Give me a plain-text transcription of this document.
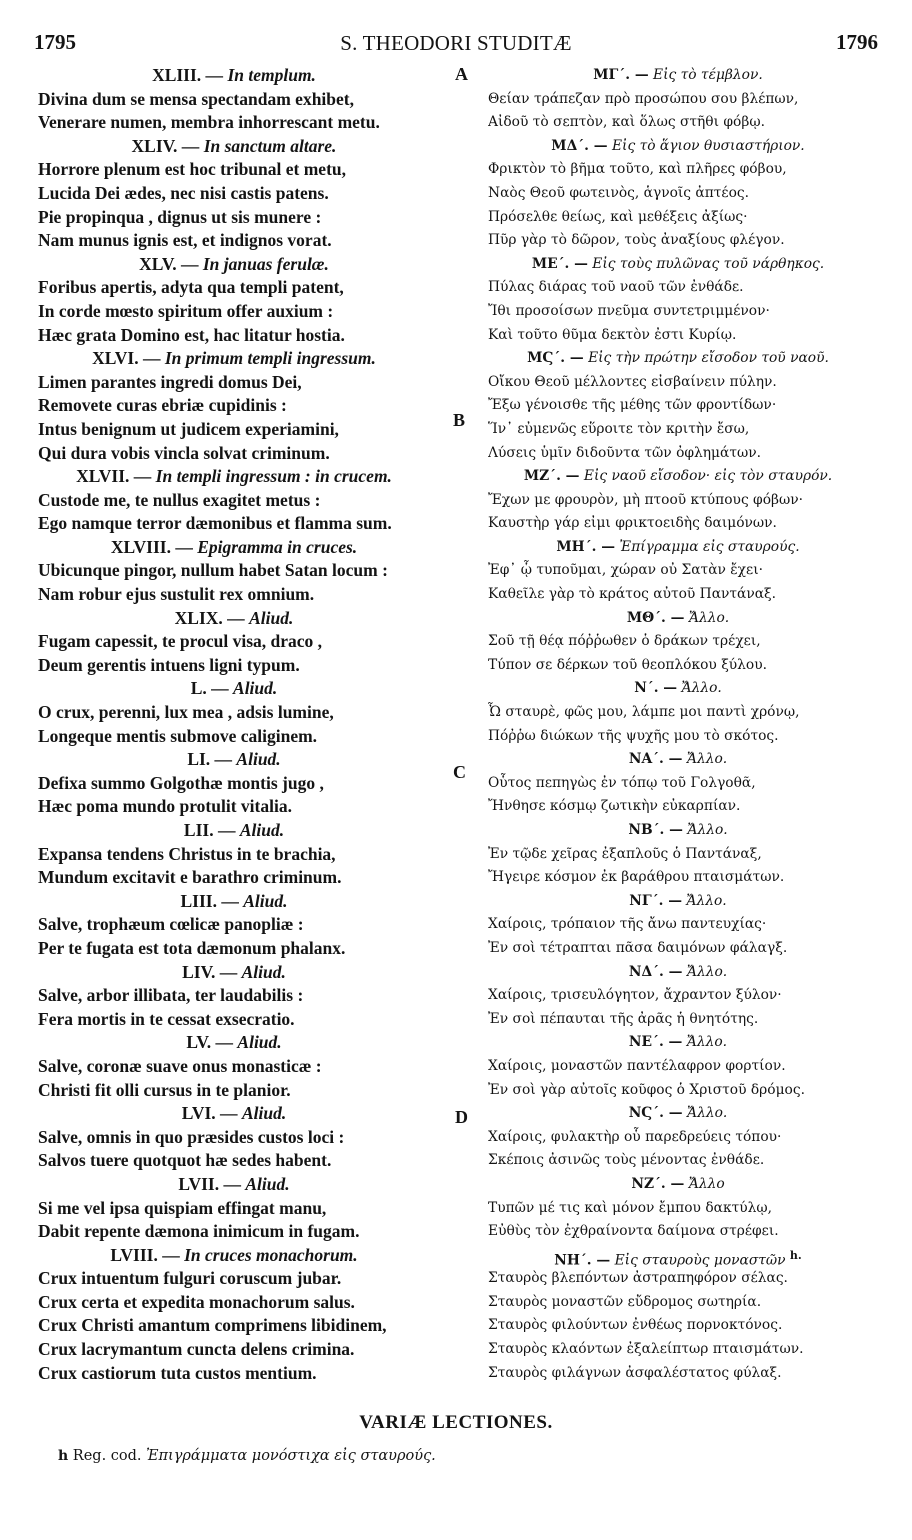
1795	S. THEODORI STUDITÆ	1796
XLIII. — In templum.
Divina dum se mensa spectandam exhibet,
Venerare numen, membra inhorrescant metu.
XLIV. — In sanctum altare.
Horrore plenum est hoc tribunal et metu,
Lucida Dei ædes, nec nisi castis patens.
Pie propinqua , dignus ut sis munere :
Nam munus ignis est, et indignos vorat.
XLV. — In januas ferulæ.
Foribus apertis, adyta qua templi patent,
In corde mœsto spiritum offer auxium :
Hæc grata Domino est, hac litatur hostia.
XLVI. — In primum templi ingressum.
Limen parantes ingredi domus Dei,
Removete curas ebriæ cupidinis :
Intus benignum ut judicem experiamini,
Qui dura vobis vincla solvat criminum.
XLVII. — In templi ingressum : in crucem.
Custode me, te nullus exagitet metus :
Ego namque terror dæmonibus et flamma sum.
XLVIII. — Epigramma in cruces.
Ubicunque pingor, nullum habet Satan locum :
Nam robur ejus sustulit rex omnium.
XLIX. — Aliud.
Fugam capessit, te procul visa, draco ,
Deum gerentis intuens ligni typum.
L. — Aliud.
O crux, perenni, lux mea , adsis lumine,
Longeque mentis submove caliginem.
LI. — Aliud.
Defixa summo Golgothæ montis jugo ,
Hæc poma mundo protulit vitalia.
LII. — Aliud.
Expansa tendens Christus in te brachia,
Mundum excitavit e barathro criminum.
LIII. — Aliud.
Salve, trophæum cœlicæ panopliæ :
Per te fugata est tota dæmonum phalanx.
LIV. — Aliud.
Salve, arbor illibata, ter laudabilis :
Fera mortis in te cessat exsecratio.
LV. — Aliud.
Salve, coronæ suave onus monasticæ :
Christi fit olli cursus in te planior.
LVI. — Aliud.
Salve, omnis in quo præsides custos loci :
Salvos tuere quotquot hæ sedes habent.
LVII. — Aliud.
Si me vel ipsa quispiam effingat manu,
Dabit repente dæmona inimicum in fugam.
LVIII. — In cruces monachorum.
Crux intuentum fulguri coruscum jubar.
Crux certa et expedita monachorum salus.
Crux Christi amantum comprimens libidinem,
Crux lacrymantum cuncta delens crimina.
Crux castiorum tuta custos mentium.
ΜΓ΄. — Εἰς τὸ τέμβλον.
Θείαν τράπεζαν πρὸ προσώπου σου βλέπων,
Αἰδοῦ τὸ σεπτὸν, καὶ ὅλως στῆθι φόβῳ.
ΜΔ΄. — Εἰς τὸ ἅγιον θυσιαστήριον.
Φρικτὸν τὸ βῆμα τοῦτο, καὶ πλῆρες φόβου,
Ναὸς Θεοῦ φωτεινὸς, ἁγνοῖς ἀπτέος.
Πρόσελθε θείως, καὶ μεθέξεις ἀξίως·
Πῦρ γὰρ τὸ δῶρον, τοὺς ἀναξίους φλέγον.
ΜΕ΄. — Εἰς τοὺς πυλῶνας τοῦ νάρθηκος.
Πύλας διάρας τοῦ ναοῦ τῶν ἐνθάδε.
Ἴθι προσοίσων πνεῦμα συντετριμμένον·
Καὶ τοῦτο θῦμα δεκτὸν ἐστι Κυρίῳ.
ΜϚ΄. — Εἰς τὴν πρώτην εἴσοδον τοῦ ναοῦ.
Οἴκου Θεοῦ μέλλοντες εἰσβαίνειν πύλην.
Ἔξω γένοισθε τῆς μέθης τῶν φροντίδων·
Ἵν᾽ εὐμενῶς εὕροιτε τὸν κριτὴν ἔσω,
Λύσεις ὑμῖν διδοῦντα τῶν ὀφλημάτων.
ΜΖ΄. — Εἰς ναοῦ εἴσοδον· εἰς τὸν σταυρόν.
Ἔχων με φρουρὸν, μὴ πτοοῦ κτύπους φόβων·
Καυστὴρ γάρ εἰμι φρικτοειδὴς δαιμόνων.
ΜΗ΄. — Ἐπίγραμμα εἰς σταυρούς.
Ἐφ᾽ ᾧ τυποῦμαι, χώραν οὐ Σατὰν ἔχει·
Καθεῖλε γὰρ τὸ κράτος αὐτοῦ Παντάναξ.
ΜΘ΄. — Ἄλλο.
Σοῦ τῇ θέᾳ πόῤῥωθεν ὁ δράκων τρέχει,
Τύπον σε δέρκων τοῦ θεοπλόκου ξύλου.
Ν΄. — Ἄλλο.
Ὦ σταυρὲ, φῶς μου, λάμπε μοι παντὶ χρόνῳ,
Πόῤῥω διώκων τῆς ψυχῆς μου τὸ σκότος.
ΝΑ΄. — Ἄλλο.
Οὗτος πεπηγὼς ἐν τόπῳ τοῦ Γολγοθᾶ,
Ἤνθησε κόσμῳ ζωτικὴν εὐκαρπίαν.
ΝΒ΄. — Ἄλλο.
Ἐν τῷδε χεῖρας ἐξαπλοῦς ὁ Παντάναξ,
Ἤγειρε κόσμον ἐκ βαράθρου πταισμάτων.
ΝΓ΄. — Ἄλλο.
Χαίροις, τρόπαιον τῆς ἄνω παντευχίας·
Ἐν σοὶ τέτραπται πᾶσα δαιμόνων φάλαγξ.
ΝΔ΄. — Ἄλλο.
Χαίροις, τρισευλόγητον, ἄχραντον ξύλον·
Ἐν σοὶ πέπαυται τῆς ἀρᾶς ἡ θνητότης.
ΝΕ΄. — Ἄλλο.
Χαίροις, μοναστῶν παντέλαφρον φορτίον.
Ἐν σοὶ γὰρ αὐτοῖς κοῦφος ὁ Χριστοῦ δρόμος.
ΝϚ΄. — Ἄλλο.
Χαίροις, φυλακτὴρ οὗ παρεδρεύεις τόπου·
Σκέποις ἀσινῶς τοὺς μένοντας ἐνθάδε.
ΝΖ΄. — Ἄλλο
Τυπῶν μέ τις καὶ μόνον ἔμπου δακτύλῳ,
Εὐθὺς τὸν ἐχθραίνοντα δαίμονα στρέφει.
ΝΗ΄. — Εἰς σταυροὺς μοναστῶν $^{h.}$
Σταυρὸς βλεπόντων ἀστραπηφόρον σέλας.
Σταυρὸς μοναστῶν εὔδρομος σωτηρία.
Σταυρὸς φιλούντων ἐνθέως πορνοκτόνος.
Σταυρὸς κλαόντων ἐξαλείπτωρ πταισμάτων.
Σταυρὸς φιλάγνων ἀσφαλέστατος φύλαξ.
A
B
C
D
VARIÆ LECTIONES.
h Reg. cod. Ἐπιγράμματα μονόστιχα εἰς σταυρούς.
